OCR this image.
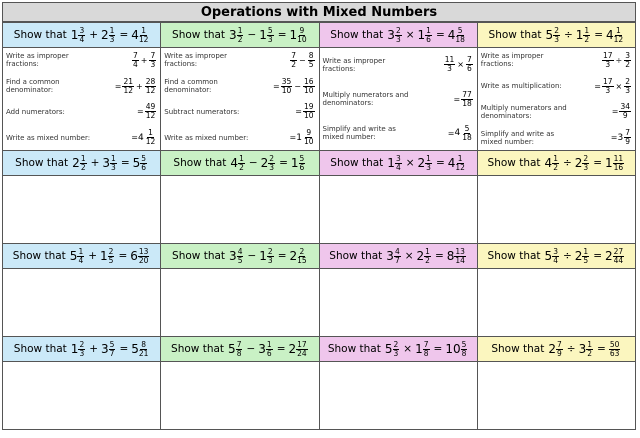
Operations with Mixed Numbers
Show that $1 \frac{3}{4} + 2 \frac{1}{3} = 4 \frac{1}{12}$ Show that $3 \frac{1}{2} - 1 \frac{5}{3} = 1 \frac{9}{10}$ Show that $3 \frac{2}{3} \times 1 \frac{1}{6} = 4 \frac{5}{18}$ Show that $5 \frac{2}{3} \div 1 \frac{1}{2} = 4 \frac{1}{12}$
Write as improper fractions:	$\frac{7}{4} + \frac{7}{3}$
Find a common denominator:	= $\frac{21}{12} + \frac{28}{12}$
Add numerators:	= $\frac{49}{12}$
Write as mixed number:	= $4 \frac{1}{12}$
Write as improper fractions:	$\frac{7}{2} - \frac{8}{5}$
Find a common denominator:	= $\frac{35}{10} - \frac{16}{10}$
Subtract numerators:	= $\frac{19}{10}$
Write as mixed number:	= $1 \frac{9}{10}$
Write as improper fractions:	$\frac{11}{3} \times \frac{7}{6}$
Multiply numerators and denominators:	= $\frac{77}{18}$
Simplify and write as mixed number:	= $4 \frac{5}{18}$
Write as improper fractions:	$\frac{17}{3} \div \frac{3}{2}$
Write as multiplication:	= $\frac{17}{3} \times \frac{2}{3}$
Multiply numerators and denominators:	= $\frac{34}{9}$
Simplify and write as mixed number:	= $3 \frac{7}{9}$
Show that $2 \frac{1}{2} + 3 \frac{1}{3} = 5 \frac{5}{6}$	Show that $4 \frac{1}{2} - 2 \frac{2}{3} = 1 \frac{5}{6}$ Show that $1 \frac{3}{4} \times 2 \frac{1}{3} = 4 \frac{1}{12}$ Show that $4 \frac{1}{2} \div 2 \frac{2}{3} = 1 \frac{11}{16}$
Show that $5 \frac{1}{4} + 1 \frac{2}{5} = 6 \frac{13}{20}$ Show that $3 \frac{4}{5} - 1 \frac{2}{3} = 2 \frac{2}{15}$ Show that $3 \frac{4}{7} \times 2 \frac{1}{2} = 8 \frac{13}{14}$ Show that $5 \frac{3}{4} \div 2 \frac{1}{5} = 2 \frac{27}{44}$
Show that $1 \frac{2}{3} + 3 \frac{5}{7} = 5 \frac{8}{21}$ Show that $5 \frac{7}{8} - 3 \frac{1}{6} = 2 \frac{17}{24}$ Show that $5 \frac{2}{3} \times 1 \frac{7}{8} = 10 \frac{5}{8}$ Show that $2 \frac{7}{9} \div 3 \frac{1}{2} = \frac{50}{63}$
